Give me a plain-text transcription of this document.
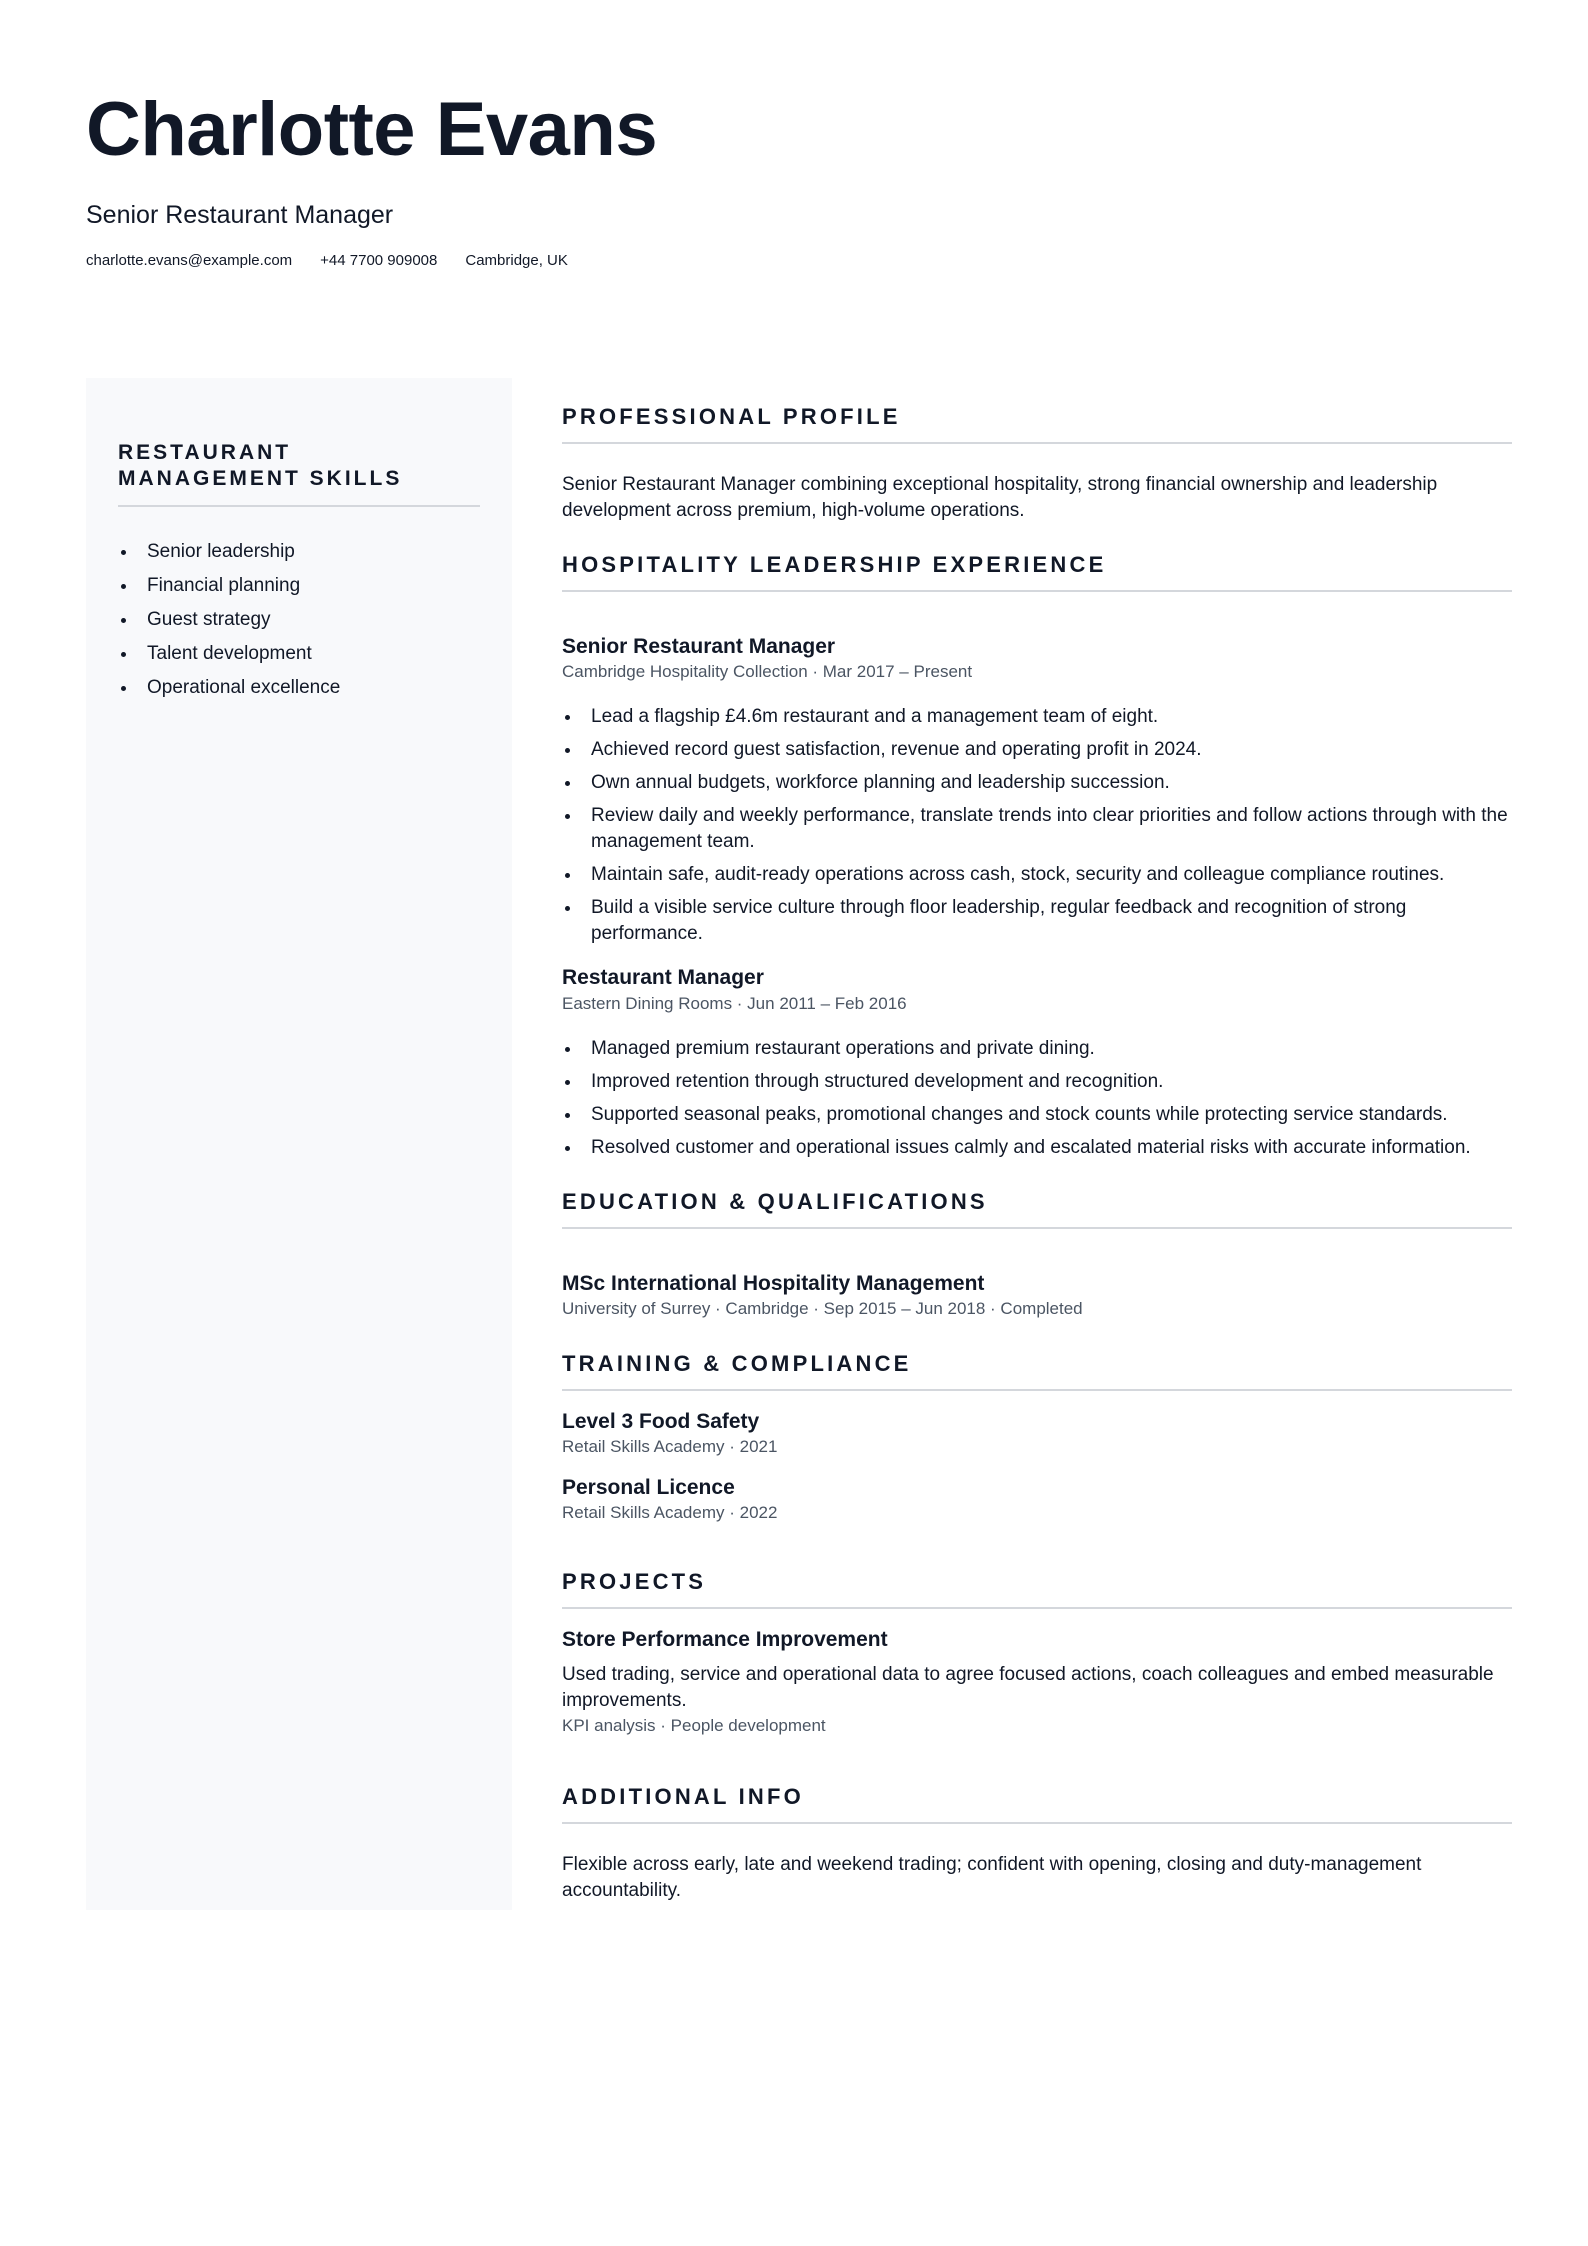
Charlotte Evans
Senior Restaurant Manager
charlotte.evans@example.com +44 7700 909008 Cambridge, UK
RESTAURANT MANAGEMENT SKILLS
Senior leadership
Financial planning
Guest strategy
Talent development
Operational excellence
PROFESSIONAL PROFILE

Senior Restaurant Manager combining exceptional hospitality, strong financial ownership and leadership development across premium, high-volume operations.

HOSPITALITY LEADERSHIP EXPERIENCE

Senior Restaurant Manager

Cambridge Hospitality Collection · Mar 2017 – Present

Lead a flagship £4.6m restaurant and a management team of eight.
Achieved record guest satisfaction, revenue and operating profit in 2024.
Own annual budgets, workforce planning and leadership succession.
Review daily and weekly performance, translate trends into clear priorities and follow actions through with the management team.
Maintain safe, audit-ready operations across cash, stock, security and colleague compliance routines.
Build a visible service culture through floor leadership, regular feedback and recognition of strong performance.

Restaurant Manager

Eastern Dining Rooms · Jun 2011 – Feb 2016

Managed premium restaurant operations and private dining.
Improved retention through structured development and recognition.
Supported seasonal peaks, promotional changes and stock counts while protecting service standards.
Resolved customer and operational issues calmly and escalated material risks with accurate information.
EDUCATION & QUALIFICATIONS

MSc International Hospitality Management

University of Surrey · Cambridge · Sep 2015 – Jun 2018 · Completed

TRAINING & COMPLIANCE

Level 3 Food Safety

Retail Skills Academy · 2021

Personal Licence

Retail Skills Academy · 2022

PROJECTS

Store Performance Improvement

Used trading, service and operational data to agree focused actions, coach colleagues and embed measurable improvements.

KPI analysis · People development

ADDITIONAL INFO

Flexible across early, late and weekend trading; confident with opening, closing and duty-management accountability.
